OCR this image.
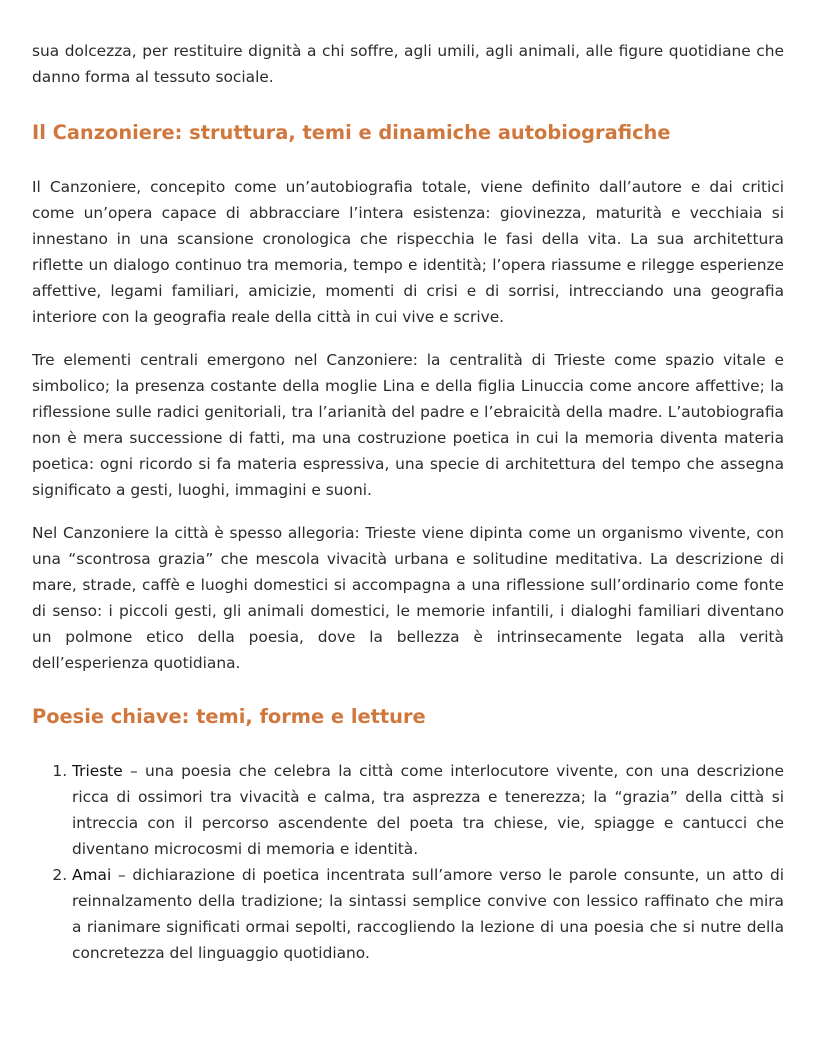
sua dolcezza, per restituire dignità a chi soffre, agli umili, agli animali, alle figure quotidiane che danno forma al tessuto sociale.

Il Canzoniere: struttura, temi e dinamiche autobiografiche

Il Canzoniere, concepito come un’autobiografia totale, viene definito dall’autore e dai critici come un’opera capace di abbracciare l’intera esistenza: giovinezza, maturità e vecchiaia si innestano in una scansione cronologica che rispecchia le fasi della vita. La sua architettura riflette un dialogo continuo tra memoria, tempo e identità; l’opera riassume e rilegge esperienze affettive, legami familiari, amicizie, momenti di crisi e di sorrisi, intrecciando una geografia interiore con la geografia reale della città in cui vive e scrive.

Tre elementi centrali emergono nel Canzoniere: la centralità di Trieste come spazio vitale e simbolico; la presenza costante della moglie Lina e della figlia Linuccia come ancore affettive; la riflessione sulle radici genitoriali, tra l’arianità del padre e l’ebraicità della madre. L’autobiografia non è mera successione di fatti, ma una costruzione poetica in cui la memoria diventa materia poetica: ogni ricordo si fa materia espressiva, una specie di architettura del tempo che assegna significato a gesti, luoghi, immagini e suoni.

Nel Canzoniere la città è spesso allegoria: Trieste viene dipinta come un organismo vivente, con una “scontrosa grazia” che mescola vivacità urbana e solitudine meditativa. La descrizione di mare, strade, caffè e luoghi domestici si accompagna a una riflessione sull’ordinario come fonte di senso: i piccoli gesti, gli animali domestici, le memorie infantili, i dialoghi familiari diventano un polmone etico della poesia, dove la bellezza è intrinsecamente legata alla verità dell’esperienza quotidiana.

Poesie chiave: temi, forme e letture
1. Trieste – una poesia che celebra la città come interlocutore vivente, con una descrizione ricca di ossimori tra vivacità e calma, tra asprezza e tenerezza; la “grazia” della città si intreccia con il percorso ascendente del poeta tra chiese, vie, spiagge e cantucci che diventano microcosmi di memoria e identità.
2. Amai – dichiarazione di poetica incentrata sull’amore verso le parole consunte, un atto di reinnalzamento della tradizione; la sintassi semplice convive con lessico raffinato che mira a rianimare significati ormai sepolti, raccogliendo la lezione di una poesia che si nutre della concretezza del linguaggio quotidiano.
